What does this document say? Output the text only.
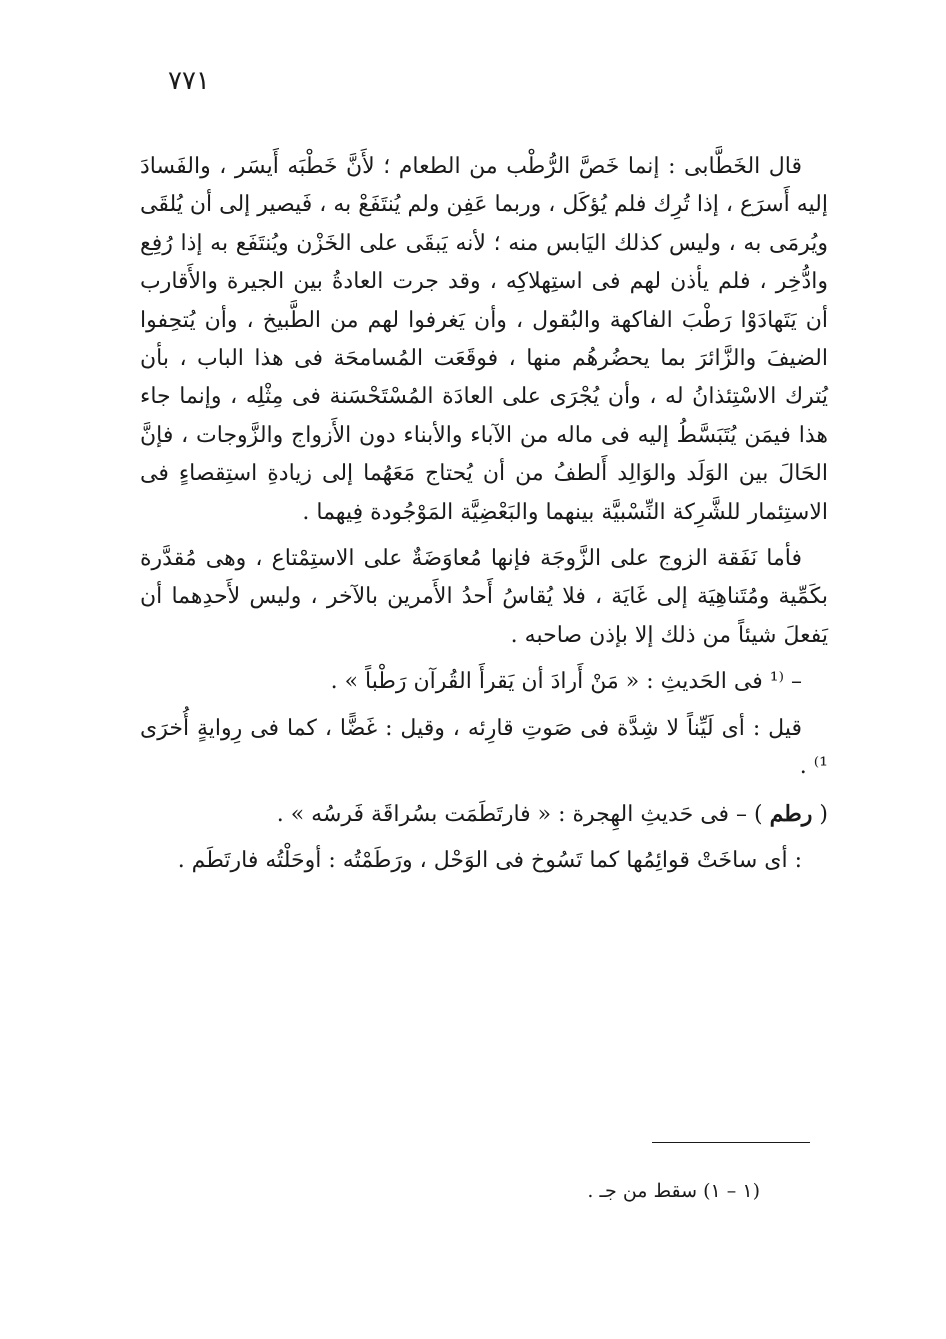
٧٧١

قال الخَطَّابى : إنما خَصَّ الرُّطْب من الطعام ؛ لأَنَّ خَطْبَه أَيسَر ، والفَسادَ إليه أَسرَع ، إذا تُرِك فلم يُؤكَل ، وربما عَفِن ولم يُنتَفَعْ به ، فَيصير إلى أن يُلقَى ويُرمَى به ، وليس كذلك اليَابس منه ؛ لأنه يَبقَى على الخَزْن ويُنتَفَع به إذا رُفِع وادُّخِر ، فلم يأذن لهم فى استِهلاكِه ، وقد جرت العادةُ بين الجيرة والأَقارب أن يَتَهادَوْا رَطْبَ الفاكهة والبُقول ، وأن يَغرفوا لهم من الطَّبيخ ، وأن يُتحِفوا الضيفَ والزَّائرَ بما يحضُرهُم منها ، فوقَعَت المُسامحَة فى هذا الباب ، بأن يُترك الاسْتِئذانُ له ، وأن يُجْرَى على العادَة المُسْتَحْسَنة فى مِثْلِه ، وإنما جاء هذا فيمَن يُتَبَسَّطُ إليه فى ماله من الآباء والأبناء دون الأَزواج والزَّوجات ، فإنَّ الحَالَ بين الوَلَد والوَالِد أَلطفُ من أن يُحتاج مَعَهُما إلى زيادةِ استِقصاءٍ فى الاستِئمار للشَّرِكة النِّسْبيَّة بينهما والبَعْضِيَّة المَوْجُودة فِيهما .

فأما نَفَقة الزوج على الزَّوجَة فإنها مُعاوَضَةٌ على الاستِمْتاع ، وهى مُقدَّرة بكَمِّية ومُتَناهِيَة إلى غَايَة ، فلا يُقاسُ أَحدُ الأَمرين بالآخر ، وليس لأَحدِهما أن يَفعلَ شيئاً من ذلك إلا بإذن صاحبه .

– ⁽¹ فى الحَديثِ : « مَنْ أَرادَ أن يَقرأَ القُرآن رَطْباً » .

قيل : أى لَيِّناً لا شِدَّة فى صَوتِ قارِئه ، وقيل : غَضًّا ، كما فى رِوايةٍ أُخرَى ¹⁾ .

( رطم ) – فى حَديثِ الهِجرة : « فارتَطَمَت بسُراقَة فَرسُه » .

: أى ساخَتْ قوائِمُها كما تَسُوخ فى الوَحْل ، ورَطَمْتُه : أوحَلْتُه فارتَطَم .

(١ – ١) سقط من جـ .
